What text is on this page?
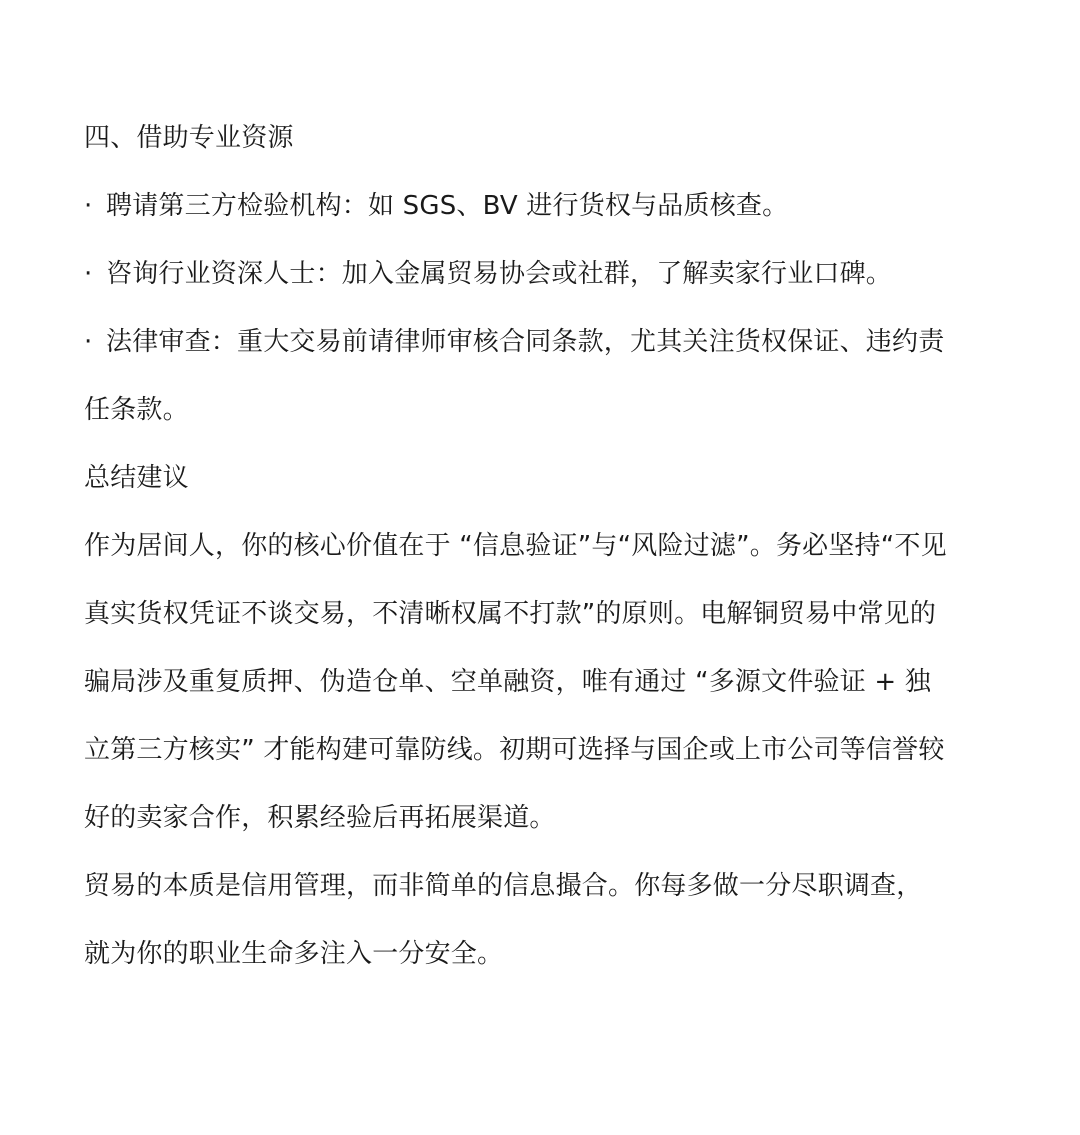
四、借助专业资源
· 聘请第三方检验机构：如 SGS、BV 进行货权与品质核查。
· 咨询行业资深人士：加入金属贸易协会或社群，了解卖家行业口碑。
· 法律审查：重大交易前请律师审核合同条款，尤其关注货权保证、违约责
任条款。
总结建议
作为居间人，你的核心价值在于 “信息验证”与“风险过滤”。务必坚持“不见
真实货权凭证不谈交易，不清晰权属不打款”的原则。电解铜贸易中常见的
骗局涉及重复质押、伪造仓单、空单融资，唯有通过 “多源文件验证 + 独
立第三方核实” 才能构建可靠防线。初期可选择与国企或上市公司等信誉较
好的卖家合作，积累经验后再拓展渠道。
贸易的本质是信用管理，而非简单的信息撮合。你每多做一分尽职调查，
就为你的职业生命多注入一分安全。
